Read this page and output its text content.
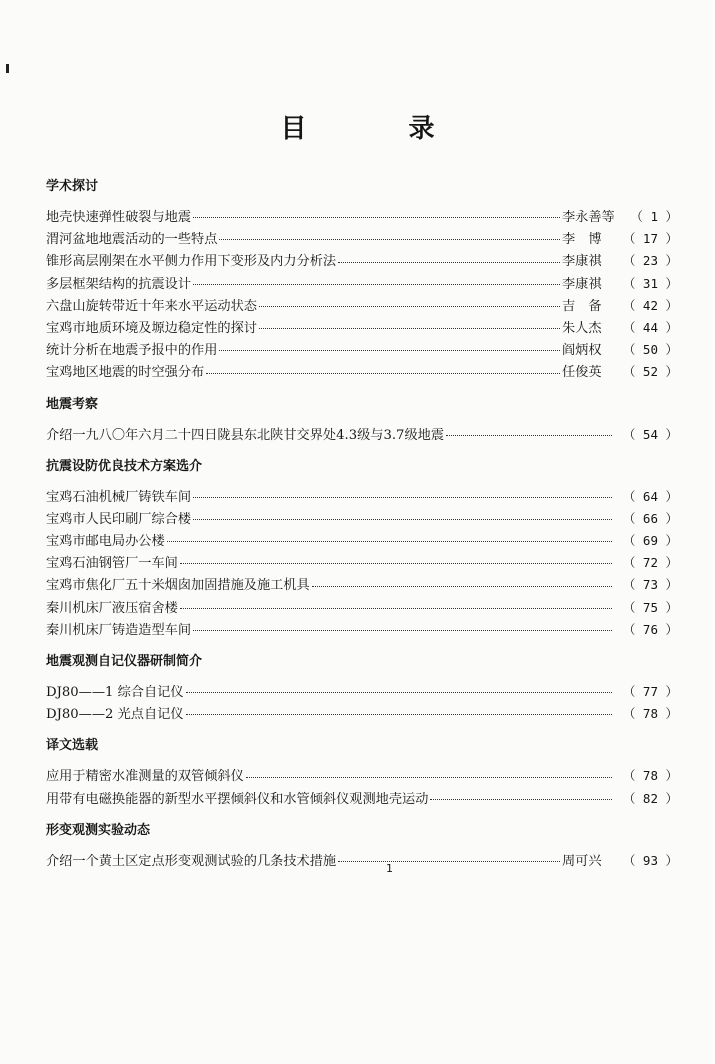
目　录
学术探讨
地壳快速弹性破裂与地震	李永善等	（ 1 ）
渭河盆地地震活动的一些特点	李　博	（ 17 ）
锥形高层刚架在水平侧力作用下变形及内力分析法	李康祺	（ 23 ）
多层框架结构的抗震设计	李康祺	（ 31 ）
六盘山旋转带近十年来水平运动状态	吉　备	（ 42 ）
宝鸡市地质环境及塬边稳定性的探讨	朱人杰	（ 44 ）
统计分析在地震予报中的作用	阎炳权	（ 50 ）
宝鸡地区地震的时空强分布	任俊英	（ 52 ）
地震考察
介绍一九八〇年六月二十四日陇县东北陕甘交界处4.3级与3.7级地震	（ 54 ）
抗震设防优良技术方案选介
宝鸡石油机械厂铸铁车间	（ 64 ）
宝鸡市人民印刷厂综合楼	（ 66 ）
宝鸡市邮电局办公楼	（ 69 ）
宝鸡石油钢管厂一车间	（ 72 ）
宝鸡市焦化厂五十米烟囱加固措施及施工机具	（ 73 ）
秦川机床厂液压宿舍楼	（ 75 ）
秦川机床厂铸造造型车间	（ 76 ）
地震观测自记仪器研制简介
DJ80——1 综合自记仪	（ 77 ）
DJ80——2 光点自记仪	（ 78 ）
译文选载
应用于精密水准测量的双管倾斜仪	（ 78 ）
用带有电磁换能器的新型水平摆倾斜仪和水管倾斜仪观测地壳运动	（ 82 ）
形变观测实验动态
介绍一个黄土区定点形变观测试验的几条技术措施	周可兴	（ 93 ）
1
